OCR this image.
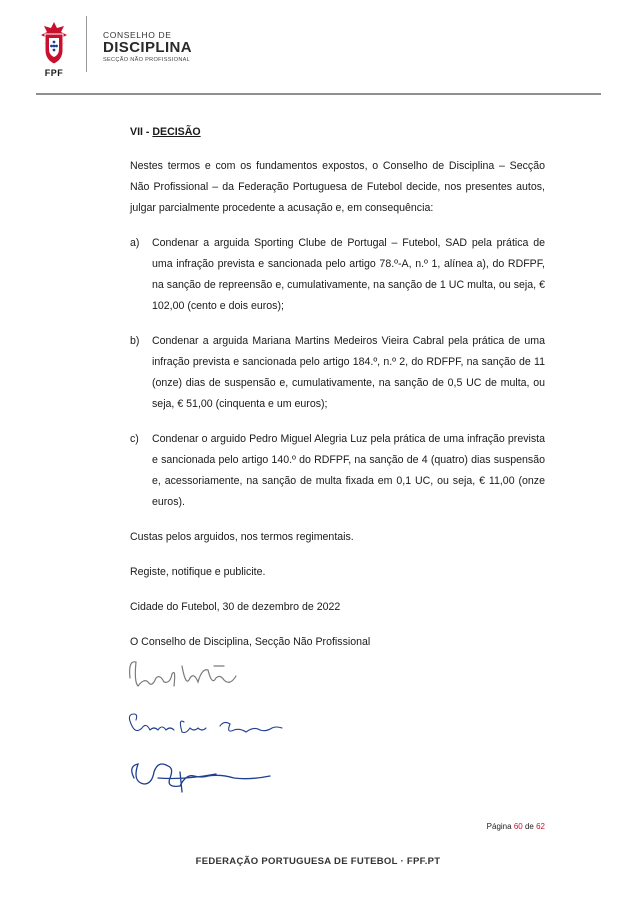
FPF
CONSELHO DE
DISCIPLINA
SECÇÃO NÃO PROFISSIONAL

VII - DECISÃO

Nestes termos e com os fundamentos expostos, o Conselho de Disciplina – Secção Não Profissional – da Federação Portuguesa de Futebol decide, nos presentes autos, julgar parcialmente procedente a acusação e, em consequência:

a) Condenar a arguida Sporting Clube de Portugal – Futebol, SAD pela prática de uma infração prevista e sancionada pelo artigo 78.º-A, n.º 1, alínea a), do RDFPF, na sanção de repreensão e, cumulativamente, na sanção de 1 UC multa, ou seja, € 102,00 (cento e dois euros);
b) Condenar a arguida Mariana Martins Medeiros Vieira Cabral pela prática de uma infração prevista e sancionada pelo artigo 184.º, n.º 2, do RDFPF, na sanção de 11 (onze) dias de suspensão e, cumulativamente, na sanção de 0,5 UC de multa, ou seja, € 51,00 (cinquenta e um euros);
c) Condenar o arguido Pedro Miguel Alegria Luz pela prática de uma infração prevista e sancionada pelo artigo 140.º do RDFPF, na sanção de 4 (quatro) dias suspensão e, acessoriamente, na sanção de multa fixada em 0,1 UC, ou seja, € 11,00 (onze euros).

Custas pelos arguidos, nos termos regimentais.

Registe, notifique e publicite.

Cidade do Futebol, 30 de dezembro de 2022

O Conselho de Disciplina, Secção Não Profissional

Página 60 de 62
FEDERAÇÃO PORTUGUESA DE FUTEBOL · FPF.PT
